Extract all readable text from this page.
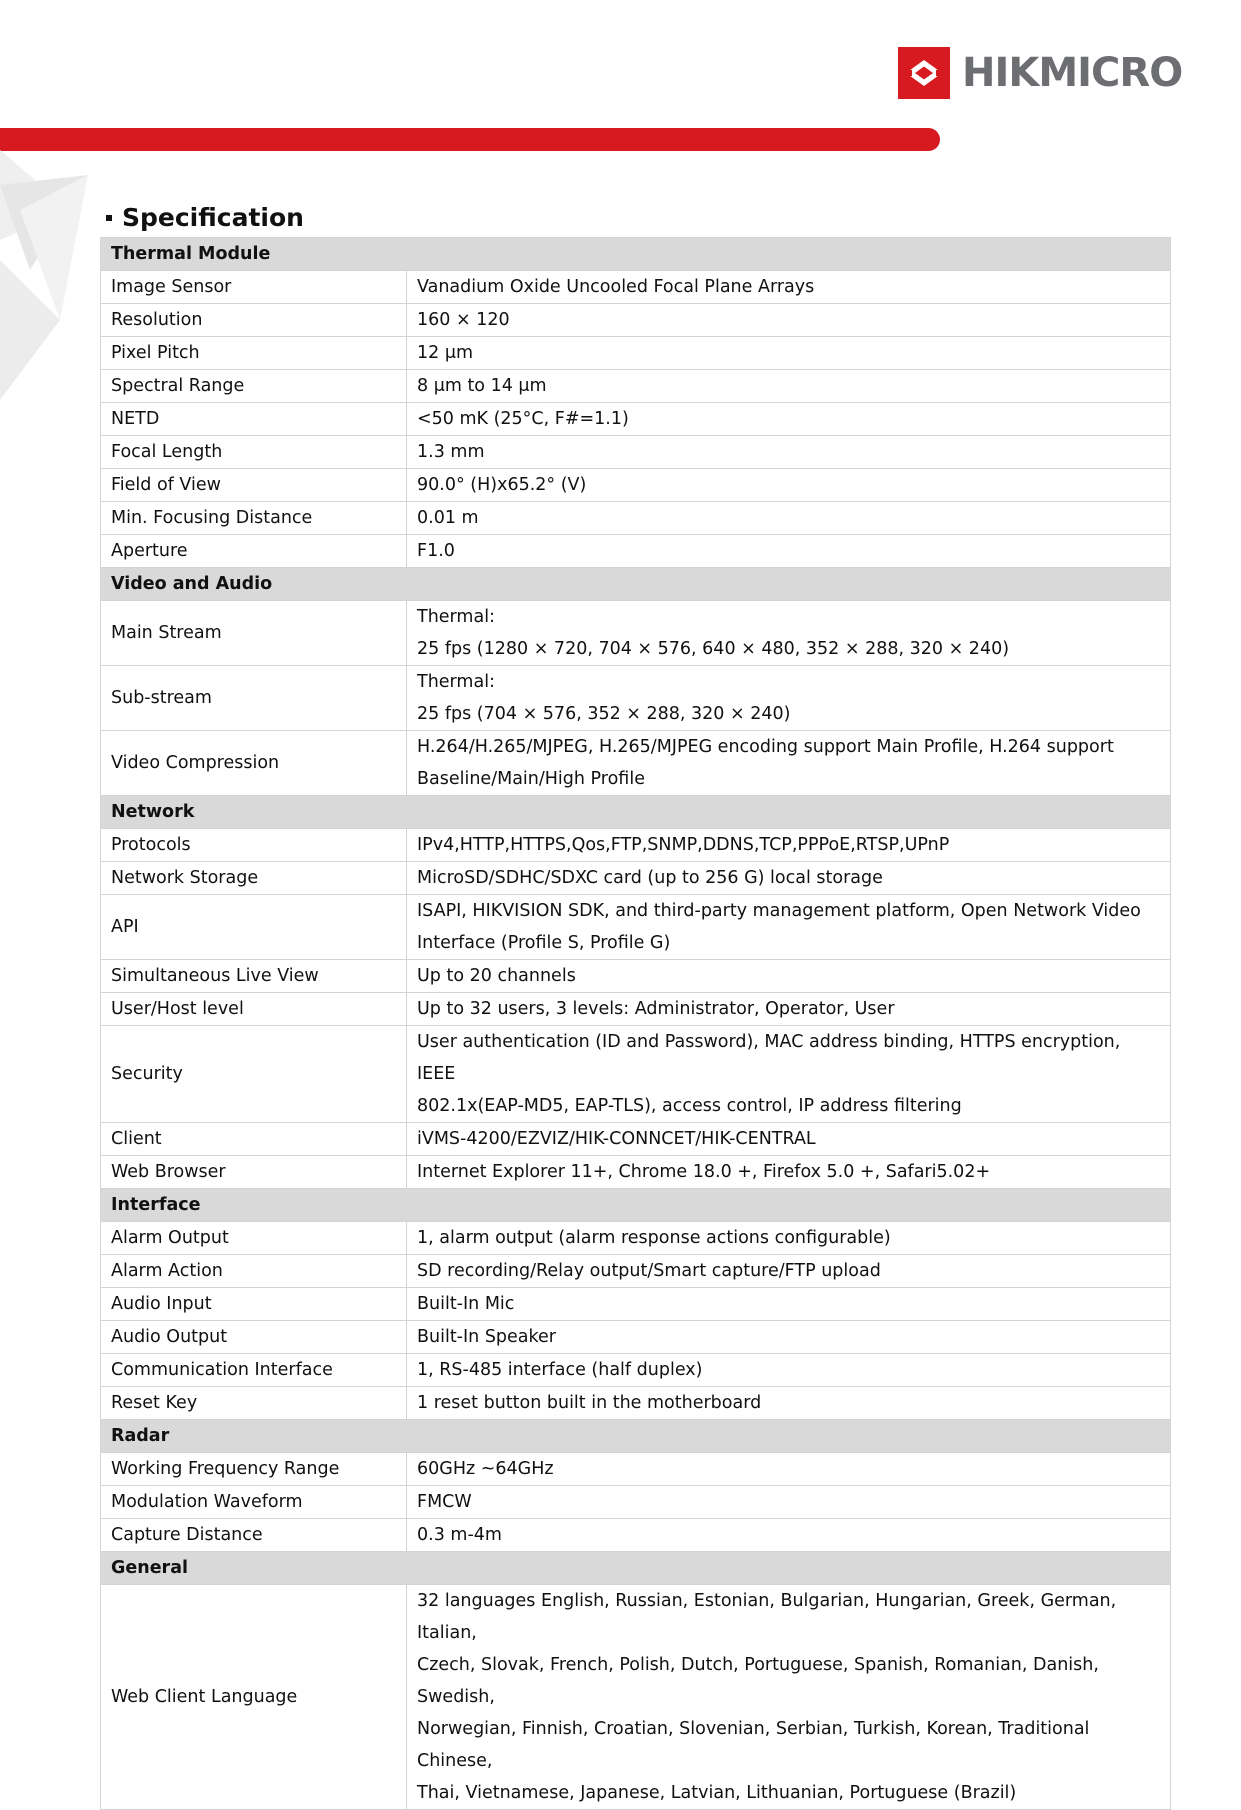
HIKMICRO
Specification
Thermal Module	
Image Sensor	Vanadium Oxide Uncooled Focal Plane Arrays

Resolution	160 × 120

Pixel Pitch	12 μm

Spectral Range	8 μm to 14 μm

NETD	<50 mK (25°C, F#=1.1)

Focal Length	1.3 mm

Field of View	90.0° (H)x65.2° (V)

Min. Focusing Distance	0.01 m

Aperture	F1.0

Video and Audio	
Main Stream	Thermal:
25 fps (1280 × 720, 704 × 576, 640 × 480, 352 × 288, 320 × 240)

Sub-stream	Thermal:
25 fps (704 × 576, 352 × 288, 320 × 240)

Video Compression	H.264/H.265/MJPEG, H.265/MJPEG encoding support Main Profile, H.264 support
Baseline/Main/High Profile

Network	
Protocols	IPv4,HTTP,HTTPS,Qos,FTP,SNMP,DDNS,TCP,PPPoE,RTSP,UPnP

Network Storage	MicroSD/SDHC/SDXC card (up to 256 G) local storage

API	ISAPI, HIKVISION SDK, and third-party management platform, Open Network Video
Interface (Profile S, Profile G)

Simultaneous Live View	Up to 20 channels

User/Host level	Up to 32 users, 3 levels: Administrator, Operator, User

Security	User authentication (ID and Password), MAC address binding, HTTPS encryption, IEEE
802.1x(EAP-MD5, EAP-TLS), access control, IP address filtering

Client	iVMS-4200/EZVIZ/HIK-CONNCET/HIK-CENTRAL

Web Browser	Internet Explorer 11+, Chrome 18.0 +, Firefox 5.0 +, Safari5.02+

Interface	
Alarm Output	1, alarm output (alarm response actions configurable)

Alarm Action	SD recording/Relay output/Smart capture/FTP upload

Audio Input	Built-In Mic

Audio Output	Built-In Speaker

Communication Interface	1, RS-485 interface (half duplex)

Reset Key	1 reset button built in the motherboard

Radar	
Working Frequency Range	60GHz ~64GHz

Modulation Waveform	FMCW

Capture Distance	0.3 m-4m

General	
Web Client Language	32 languages English, Russian, Estonian, Bulgarian, Hungarian, Greek, German, Italian,
Czech, Slovak, French, Polish, Dutch, Portuguese, Spanish, Romanian, Danish, Swedish,
Norwegian, Finnish, Croatian, Slovenian, Serbian, Turkish, Korean, Traditional Chinese,
Thai, Vietnamese, Japanese, Latvian, Lithuanian, Portuguese (Brazil)
